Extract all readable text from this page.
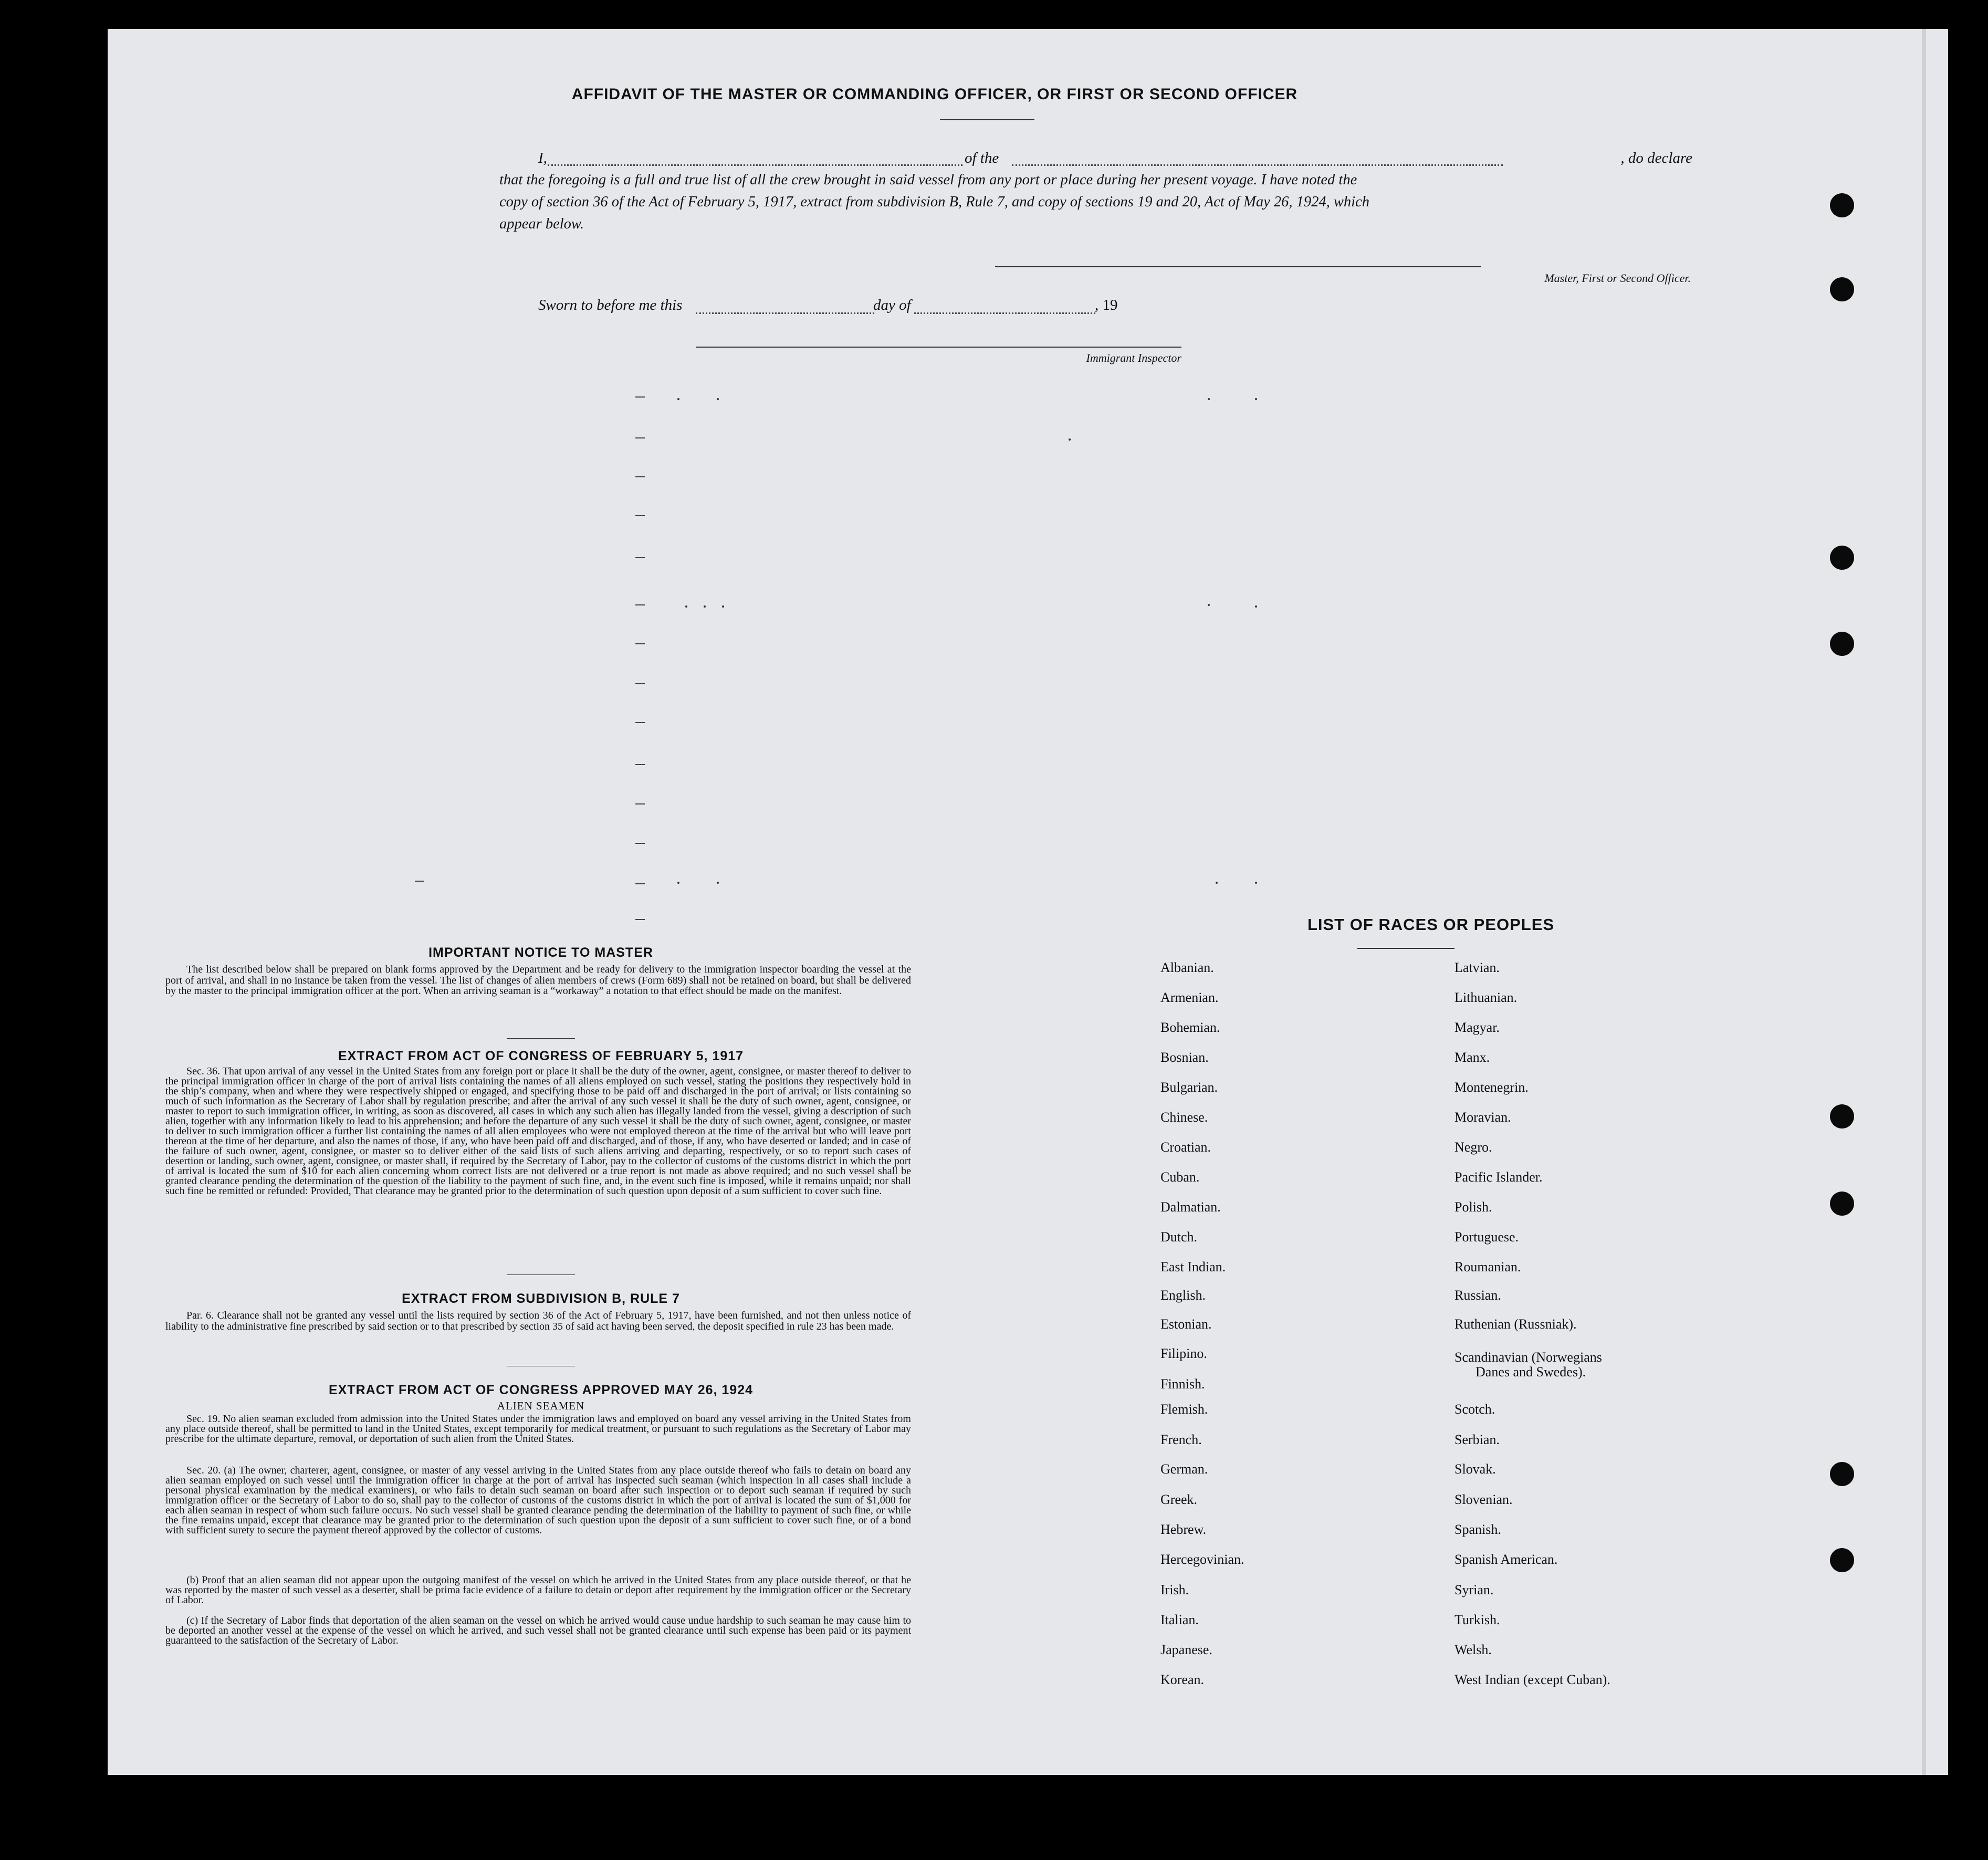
AFFIDAVIT OF THE MASTER OR COMMANDING OFFICER, OR FIRST OR SECOND OFFICER
I,	of the	, do declare
that the foregoing is a full and true list of all the crew brought in said vessel from any port or place during her present voyage. I have noted the
copy of section 36 of the Act of February 5, 1917, extract from subdivision B, Rule 7, and copy of sections 19 and 20, Act of May 26, 1924, which
appear below.
Master, First or Second Officer.
Sworn to before me this	day of	, 19
Immigrant Inspector
IMPORTANT NOTICE TO MASTER
The list described below shall be prepared on blank forms approved by the Department and be ready for delivery to the immigration inspector boarding the vessel at the port of arrival, and shall in no instance be taken from the vessel. The list of changes of alien members of crews (Form 689) shall not be retained on board, but shall be delivered by the master to the principal immigration officer at the port. When an arriving seaman is a “workaway” a notation to that effect should be made on the manifest.
EXTRACT FROM ACT OF CONGRESS OF FEBRUARY 5, 1917
Sec. 36. That upon arrival of any vessel in the United States from any foreign port or place it shall be the duty of the owner, agent, consignee, or master thereof to deliver to the principal immigration officer in charge of the port of arrival lists containing the names of all aliens employed on such vessel, stating the positions they respectively hold in the ship’s company, when and where they were respectively shipped or engaged, and specifying those to be paid off and discharged in the port of arrival; or lists containing so much of such information as the Secretary of Labor shall by regulation prescribe; and after the arrival of any such vessel it shall be the duty of such owner, agent, consignee, or master to report to such immigration officer, in writing, as soon as discovered, all cases in which any such alien has illegally landed from the vessel, giving a description of such alien, together with any information likely to lead to his apprehension; and before the departure of any such vessel it shall be the duty of such owner, agent, consignee, or master to deliver to such immigration officer a further list containing the names of all alien employees who were not employed thereon at the time of the arrival but who will leave port thereon at the time of her departure, and also the names of those, if any, who have been paid off and discharged, and of those, if any, who have deserted or landed; and in case of the failure of such owner, agent, consignee, or master so to deliver either of the said lists of such aliens arriving and departing, respectively, or so to report such cases of desertion or landing, such owner, agent, consignee, or master shall, if required by the Secretary of Labor, pay to the collector of customs of the customs district in which the port of arrival is located the sum of $10 for each alien concerning whom correct lists are not delivered or a true report is not made as above required; and no such vessel shall be granted clearance pending the determination of the question of the liability to the payment of such fine, and, in the event such fine is imposed, while it remains unpaid; nor shall such fine be remitted or refunded: Provided, That clearance may be granted prior to the determination of such question upon deposit of a sum sufficient to cover such fine.
EXTRACT FROM SUBDIVISION B, RULE 7
Par. 6. Clearance shall not be granted any vessel until the lists required by section 36 of the Act of February 5, 1917, have been furnished, and not then unless notice of liability to the administrative fine prescribed by said section or to that prescribed by section 35 of said act having been served, the deposit specified in rule 23 has been made.
EXTRACT FROM ACT OF CONGRESS APPROVED MAY 26, 1924
ALIEN SEAMEN
Sec. 19. No alien seaman excluded from admission into the United States under the immigration laws and employed on board any vessel arriving in the United States from any place outside thereof, shall be permitted to land in the United States, except temporarily for medical treatment, or pursuant to such regulations as the Secretary of Labor may prescribe for the ultimate departure, removal, or deportation of such alien from the United States.
Sec. 20. (a) The owner, charterer, agent, consignee, or master of any vessel arriving in the United States from any place outside thereof who fails to detain on board any alien seaman employed on such vessel until the immigration officer in charge at the port of arrival has inspected such seaman (which inspection in all cases shall include a personal physical examination by the medical examiners), or who fails to detain such seaman on board after such inspection or to deport such seaman if required by such immigration officer or the Secretary of Labor to do so, shall pay to the collector of customs of the customs district in which the port of arrival is located the sum of $1,000 for each alien seaman in respect of whom such failure occurs. No such vessel shall be granted clearance pending the determination of the liability to payment of such fine, or while the fine remains unpaid, except that clearance may be granted prior to the determination of such question upon the deposit of a sum sufficient to cover such fine, or of a bond with sufficient surety to secure the payment thereof approved by the collector of customs.
(b) Proof that an alien seaman did not appear upon the outgoing manifest of the vessel on which he arrived in the United States from any place outside thereof, or that he was reported by the master of such vessel as a deserter, shall be prima facie evidence of a failure to detain or deport after requirement by the immigration officer or the Secretary of Labor.
(c) If the Secretary of Labor finds that deportation of the alien seaman on the vessel on which he arrived would cause undue hardship to such seaman he may cause him to be deported an another vessel at the expense of the vessel on which he arrived, and such vessel shall not be granted clearance until such expense has been paid or its payment guaranteed to the satisfaction of the Secretary of Labor.
LIST OF RACES OR PEOPLES
Albanian.
Armenian.
Bohemian.
Bosnian.
Bulgarian.
Chinese.
Croatian.
Cuban.
Dalmatian.
Dutch.
East Indian.
English.
Estonian.
Filipino.
Finnish.
Flemish.
French.
German.
Greek.
Hebrew.
Hercegovinian.
Irish.
Italian.
Japanese.
Korean.
Latvian.
Lithuanian.
Magyar.
Manx.
Montenegrin.
Moravian.
Negro.
Pacific Islander.
Polish.
Portuguese.
Roumanian.
Russian.
Ruthenian (Russniak).
Scandinavian (Norwegians
Danes and Swedes).
Scotch.
Serbian.
Slovak.
Slovenian.
Spanish.
Spanish American.
Syrian.
Turkish.
Welsh.
West Indian (except Cuban).
